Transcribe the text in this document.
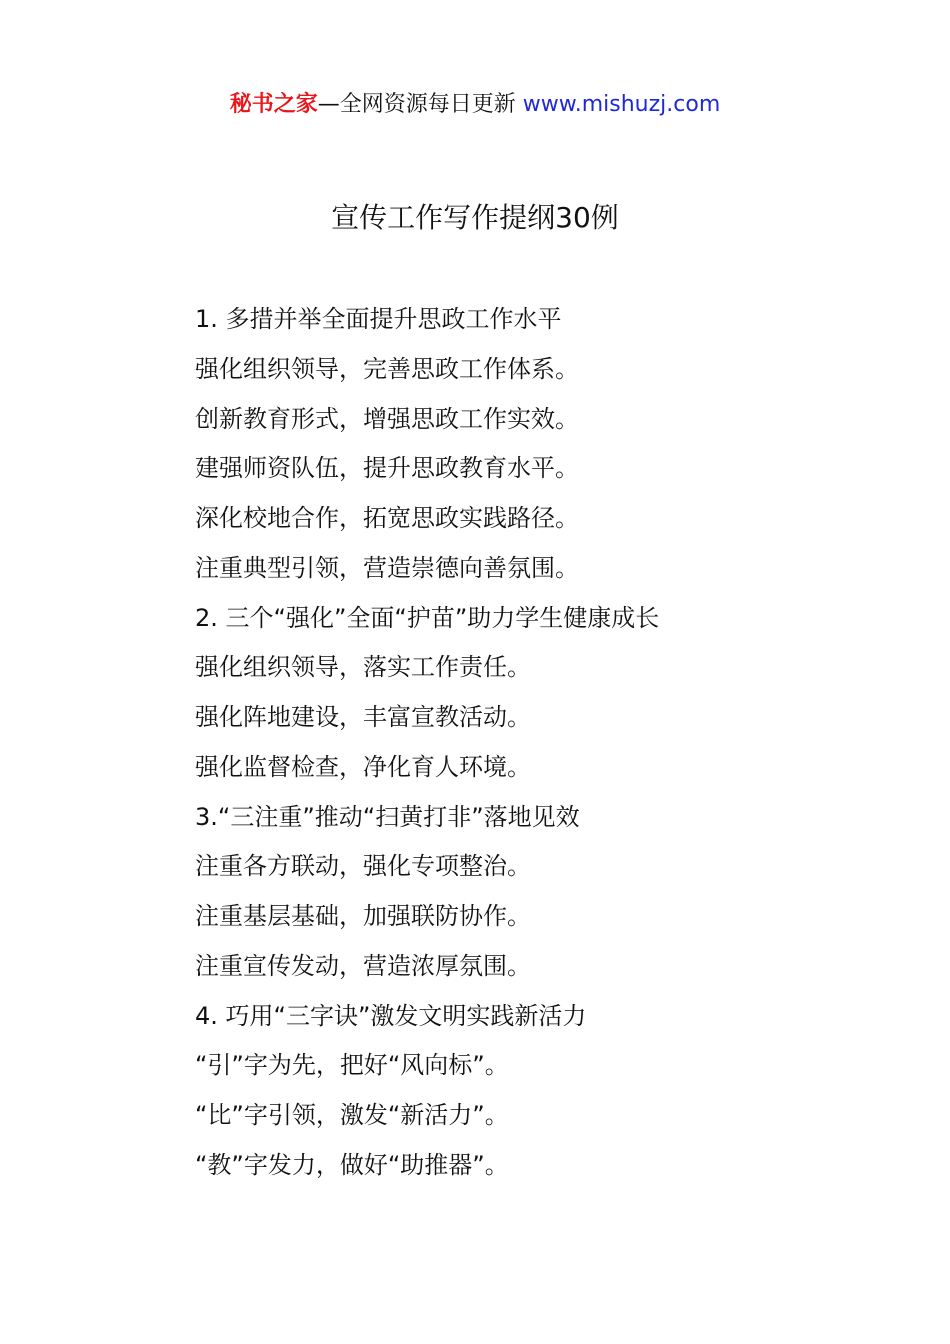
秘书之家—全网资源每日更新 www.mishuzj.com
宣传工作写作提纲30例
1. 多措并举全面提升思政工作水平
强化组织领导，完善思政工作体系。
创新教育形式，增强思政工作实效。
建强师资队伍，提升思政教育水平。
深化校地合作，拓宽思政实践路径。
注重典型引领，营造崇德向善氛围。
2. 三个“强化”全面“护苗”助力学生健康成长
强化组织领导，落实工作责任。
强化阵地建设，丰富宣教活动。
强化监督检查，净化育人环境。
3.“三注重”推动“扫黄打非”落地见效
注重各方联动，强化专项整治。
注重基层基础，加强联防协作。
注重宣传发动，营造浓厚氛围。
4. 巧用“三字诀”激发文明实践新活力
“引”字为先，把好“风向标”。
“比”字引领，激发“新活力”。
“教”字发力，做好“助推器”。
